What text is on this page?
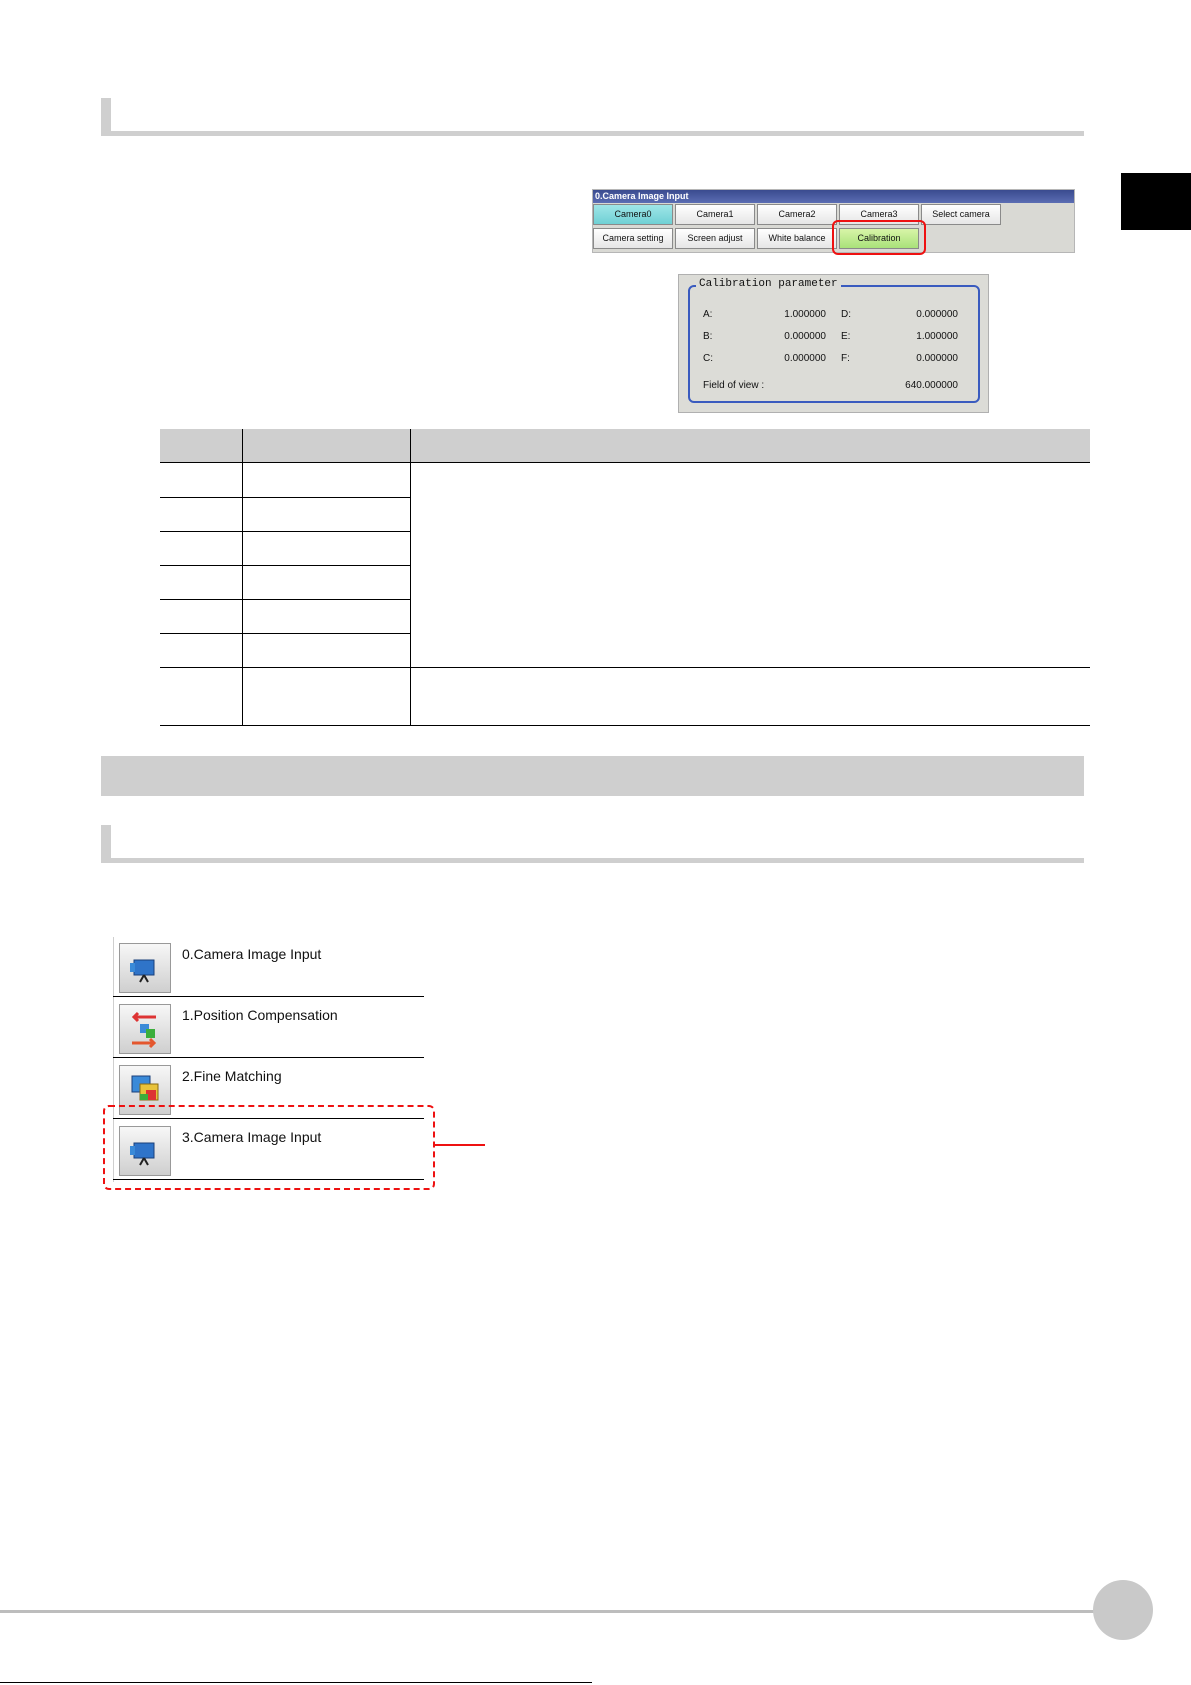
0.Camera Image Input
Camera0	Camera1	Camera2	Camera3	Select camera
Camera setting	Screen adjust	White balance	Calibration
Calibration parameter
A:	1.000000
B:	0.000000
C:	0.000000
D:	0.000000
E:	1.000000
F:	0.000000
Field of view :	640.000000
0.Camera Image Input
1.Position Compensation
2.Fine Matching
3.Camera Image Input
